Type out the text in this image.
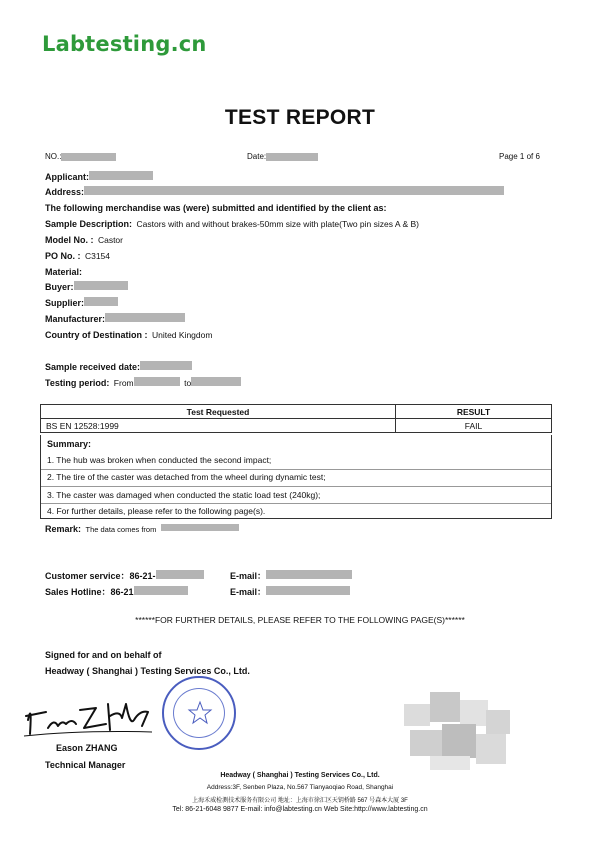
Labtesting.cn
TEST REPORT
NO.:	Date:	Page 1 of 6
Applicant:
Address:
The following merchandise was (were) submitted and identified by the client as:
Sample Description: Castors with and without brakes-50mm size with plate(Two pin sizes A & B)
Model No. : Castor
PO No. : C3154
Material:
Buyer:
Supplier:
Manufacturer:
Country of Destination : United Kingdom
Sample received date:
Testing period: From	to
Test Requested	RESULT
BS EN 12528:1999	FAIL
Summary:
1. The hub was broken when conducted the second impact;
2. The tire of the caster was detached from the wheel during dynamic test;
3. The caster was damaged when conducted the static load test (240kg);
4. For further details, please refer to the following page(s).
Remark: The data comes from
Customer service：86-21-	E-mail：
Sales Hotline：86-21	E-mail：
******FOR FURTHER DETAILS, PLEASE REFER TO THE FOLLOWING PAGE(S)******
Signed for and on behalf of
Headway ( Shanghai ) Testing Services Co., Ltd.
Eason ZHANG
Technical Manager
Headway ( Shanghai ) Testing Services Co., Ltd.
Address:3F, Senben Plaza, No.567 Tianyaoqiao Road, Shanghai
上海禾威检测技术服务有限公司 地址：上海市徐汇区天钥桥路 567 号森本大厦 3F
Tel: 86-21-6048 9877 E-mail: info@labtesting.cn Web Site:http://www.labtesting.cn
